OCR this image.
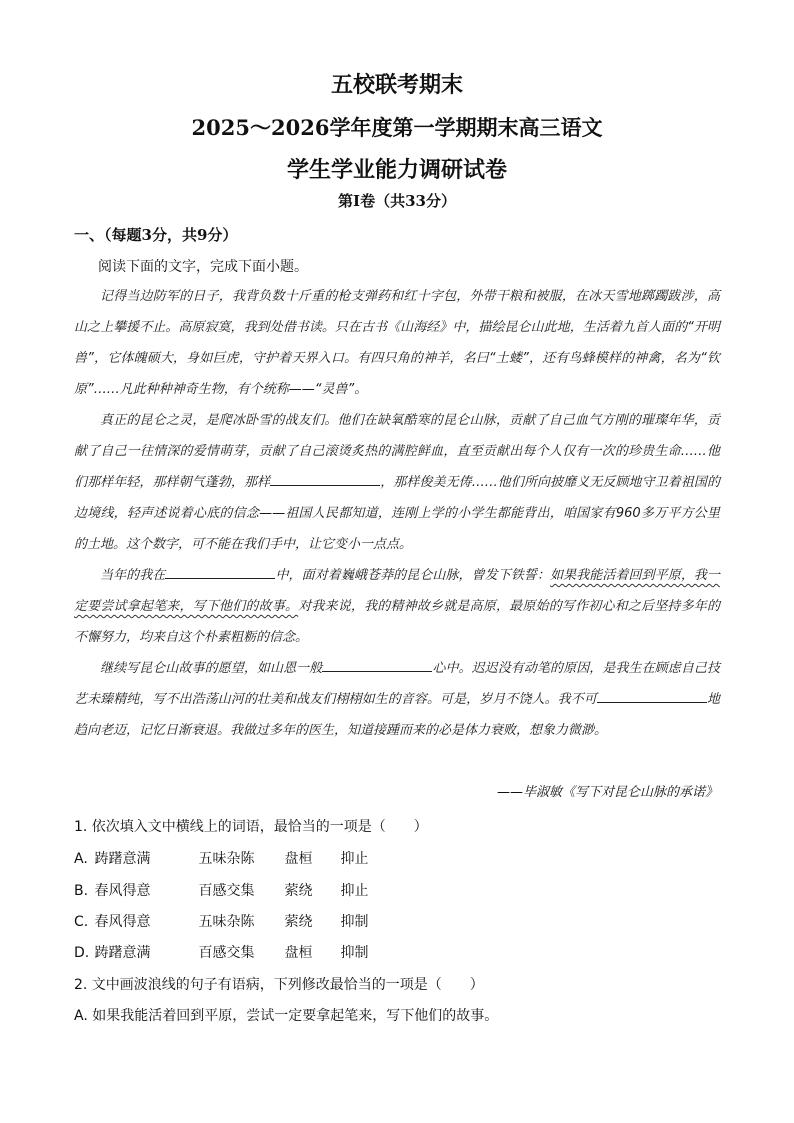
五校联考期末
2025～2026学年度第一学期期末高三语文
学生学业能力调研试卷
第Ⅰ卷（共33分）
一、（每题3分，共9分）
阅读下面的文字，完成下面小题。

记得当边防军的日子，我背负数十斤重的枪支弹药和红十字包，外带干粮和被服，在冰天雪地踯躅跋涉，高山之上攀援不止。高原寂寞，我到处借书读。只在古书《山海经》中，描绘昆仑山此地，生活着九首人面的“开明兽”，它体魄硕大，身如巨虎，守护着天界入口。有四只角的神羊，名曰“土蝼”，还有鸟蜂模样的神禽，名为“钦原”……凡此种种神奇生物，有个统称——“灵兽”。

真正的昆仑之灵，是爬冰卧雪的战友们。他们在缺氧酷寒的昆仑山脉，贡献了自己血气方刚的璀璨年华，贡献了自己一往情深的爱情萌芽，贡献了自己滚烫炙热的满腔鲜血，直至贡献出每个人仅有一次的珍贵生命……他们那样年轻，那样朝气蓬勃，那样	，那样俊美无俦……他们所向披靡义无反顾地守卫着祖国的边境线，轻声述说着心底的信念——祖国人民都知道，连刚上学的小学生都能背出，咱国家有960多万平方公里的土地。这个数字，可不能在我们手中，让它变小一点点。

当年的我在	中，面对着巍峨苍莽的昆仑山脉，曾发下铁誓：如果我能活着回到平原，我一定要尝试拿起笔来，写下他们的故事。对我来说，我的精神故乡就是高原，最原始的写作初心和之后坚持多年的不懈努力，均来自这个朴素粗粝的信念。

继续写昆仑山故事的愿望，如山恩一般	心中。迟迟没有动笔的原因，是我生在顾虑自己技艺未臻精纯，写不出浩荡山河的壮美和战友们栩栩如生的音容。可是，岁月不饶人。我不可	地趋向老迈，记忆日渐衰退。我做过多年的医生，知道接踵而来的必是体力衰败，想象力微渺。

——毕淑敏《写下对昆仑山脉的承诺》
1. 依次填入文中横线上的词语，最恰当的一项是（　　）
A. 踌躇意满	五味杂陈 盘桓 抑止
B. 春风得意	百感交集 萦绕 抑止
C. 春风得意	五味杂陈 萦绕 抑制
D. 踌躇意满	百感交集 盘桓 抑制
2. 文中画波浪线的句子有语病，下列修改最恰当的一项是（　　）
A. 如果我能活着回到平原，尝试一定要拿起笔来，写下他们的故事。
